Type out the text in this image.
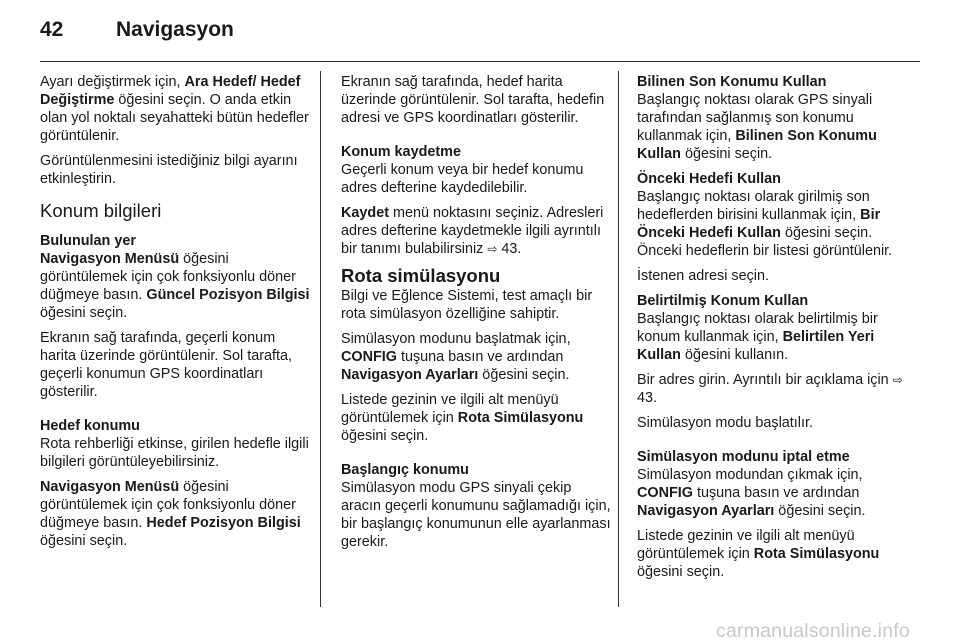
42	Navigasyon

Ayarı değiştirmek için, Ara Hedef/ Hedef Değiştirme öğesini seçin. O anda etkin olan yol noktalı seyahatteki bütün hedefler görüntülenir.

Görüntülenmesini istediğiniz bilgi ayarını etkinleştirin.

Konum bilgileri

Bulunulan yer

Navigasyon Menüsü öğesini görüntülemek için çok fonksiyonlu döner düğmeye basın. Güncel Pozisyon Bilgisi öğesini seçin.

Ekranın sağ tarafında, geçerli konum harita üzerinde görüntülenir. Sol tarafta, geçerli konumun GPS koordinatları gösterilir.

Hedef konumu

Rota rehberliği etkinse, girilen hedefle ilgili bilgileri görüntüleyebilirsiniz.

Navigasyon Menüsü öğesini görüntülemek için çok fonksiyonlu döner düğmeye basın. Hedef Pozisyon Bilgisi öğesini seçin.

Ekranın sağ tarafında, hedef harita üzerinde görüntülenir. Sol tarafta, hedefin adresi ve GPS koordinatları gösterilir.

Konum kaydetme

Geçerli konum veya bir hedef konumu adres defterine kaydedilebilir.

Kaydet menü noktasını seçiniz. Adresleri adres defterine kaydetmekle ilgili ayrıntılı bir tanımı bulabilirsiniz ⇨ 43.

Rota simülasyonu

Bilgi ve Eğlence Sistemi, test amaçlı bir rota simülasyon özelliğine sahiptir.

Simülasyon modunu başlatmak için, CONFIG tuşuna basın ve ardından Navigasyon Ayarları öğesini seçin.

Listede gezinin ve ilgili alt menüyü görüntülemek için Rota Simülasyonu öğesini seçin.

Başlangıç konumu

Simülasyon modu GPS sinyali çekip aracın geçerli konumunu sağlamadığı için, bir başlangıç konumunun elle ayarlanması gerekir.

Bilinen Son Konumu Kullan

Başlangıç noktası olarak GPS sinyali tarafından sağlanmış son konumu kullanmak için, Bilinen Son Konumu Kullan öğesini seçin.

Önceki Hedefi Kullan

Başlangıç noktası olarak girilmiş son hedeflerden birisini kullanmak için, Bir Önceki Hedefi Kullan öğesini seçin. Önceki hedeflerin bir listesi görüntülenir.

İstenen adresi seçin.

Belirtilmiş Konum Kullan

Başlangıç noktası olarak belirtilmiş bir konum kullanmak için, Belirtilen Yeri Kullan öğesini kullanın.

Bir adres girin. Ayrıntılı bir açıklama için ⇨ 43.

Simülasyon modu başlatılır.

Simülasyon modunu iptal etme

Simülasyon modundan çıkmak için, CONFIG tuşuna basın ve ardından Navigasyon Ayarları öğesini seçin.

Listede gezinin ve ilgili alt menüyü görüntülemek için Rota Simülasyonu öğesini seçin.

carmanualsonline.info
